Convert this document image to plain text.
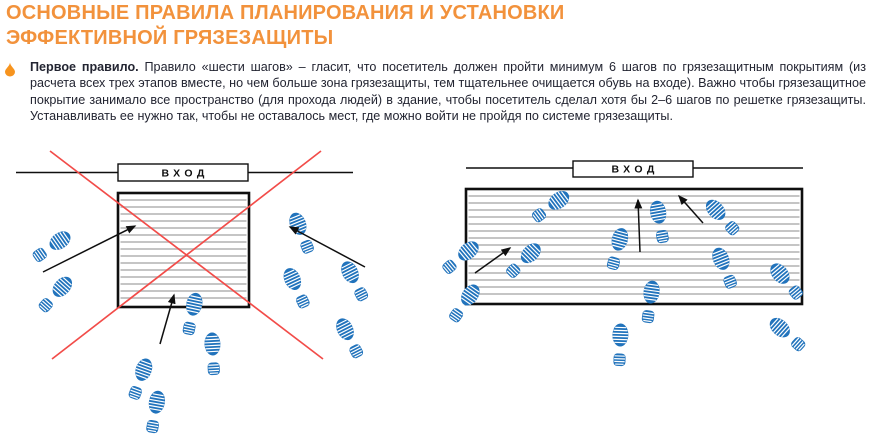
ОСНОВНЫЕ ПРАВИЛА ПЛАНИРОВАНИЯ И УСТАНОВКИ
ЭФФЕКТИВНОЙ ГРЯЗЕЗАЩИТЫ

Первое правило. Правило «шести шагов» – гласит, что посетитель должен пройти минимум 6 шагов по грязезащитным покрытиям (из расчета всех трех этапов вместе, но чем больше зона грязезащиты, тем тщательнее очищается обувь на входе). Важно чтобы грязезащитное покрытие занимало все пространство (для прохода людей) в здание, чтобы посетитель сделал хотя бы 2–6 шагов по решетке грязезащиты. Устанавливать ее нужно так, чтобы не оставалось мест, где можно войти не пройдя по системе грязезащиты.

ВХОД	ВХОД
